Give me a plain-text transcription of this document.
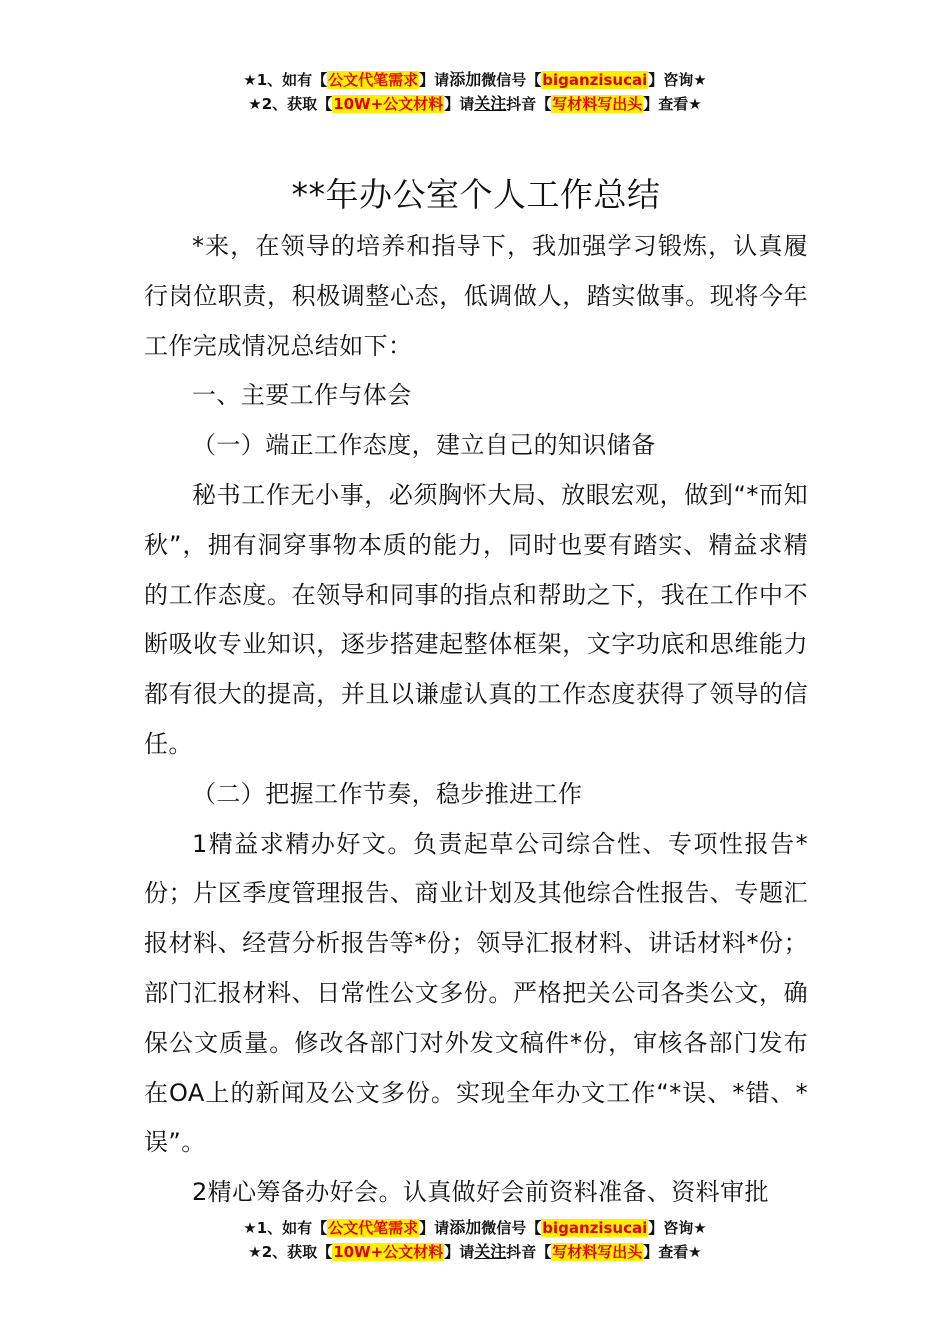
★1、如有【公文代笔需求】请添加微信号【biganzisucai】咨询★
★2、获取【10W+公文材料】请关注抖音【写材料写出头】查看★
**年办公室个人工作总结

*来，在领导的培养和指导下，我加强学习锻炼，认真履行岗位职责，积极调整心态，低调做人，踏实做事。现将今年工作完成情况总结如下：

一、主要工作与体会

（一）端正工作态度，建立自己的知识储备

秘书工作无小事，必须胸怀大局、放眼宏观，做到“*而知秋”，拥有洞穿事物本质的能力，同时也要有踏实、精益求精的工作态度。在领导和同事的指点和帮助之下，我在工作中不断吸收专业知识，逐步搭建起整体框架，文字功底和思维能力都有很大的提高，并且以谦虚认真的工作态度获得了领导的信任。

（二）把握工作节奏，稳步推进工作

1精益求精办好文。负责起草公司综合性、专项性报告*份；片区季度管理报告、商业计划及其他综合性报告、专题汇报材料、经营分析报告等*份；领导汇报材料、讲话材料*份；部门汇报材料、日常性公文多份。严格把关公司各类公文，确保公文质量。修改各部门对外发文稿件*份，审核各部门发布在OA上的新闻及公文多份。实现全年办文工作“*误、*错、*误”。

2精心筹备办好会。认真做好会前资料准备、资料审批

★1、如有【公文代笔需求】请添加微信号【biganzisucai】咨询★
★2、获取【10W+公文材料】请关注抖音【写材料写出头】查看★
